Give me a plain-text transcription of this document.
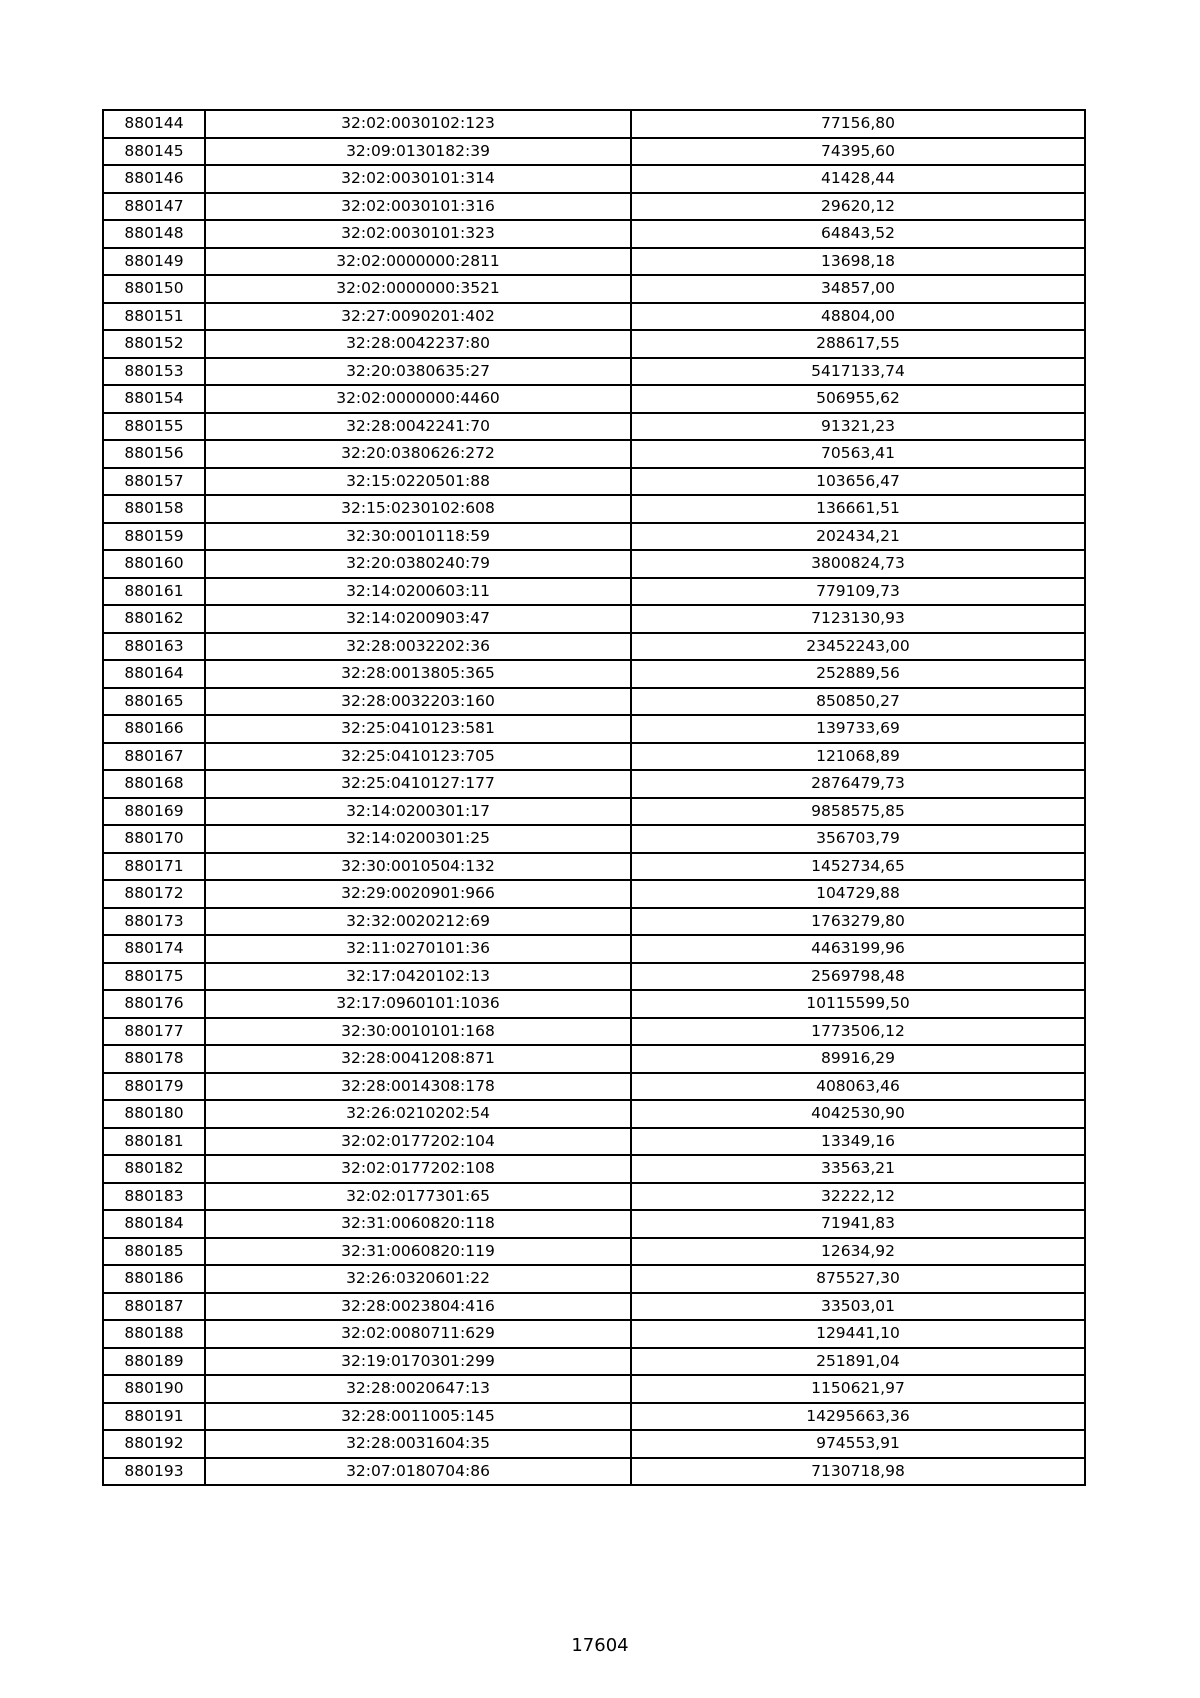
880144	32:02:0030102:123	77156,80
880145	32:09:0130182:39	74395,60
880146	32:02:0030101:314	41428,44
880147	32:02:0030101:316	29620,12
880148	32:02:0030101:323	64843,52
880149	32:02:0000000:2811	13698,18
880150	32:02:0000000:3521	34857,00
880151	32:27:0090201:402	48804,00
880152	32:28:0042237:80	288617,55
880153	32:20:0380635:27	5417133,74
880154	32:02:0000000:4460	506955,62
880155	32:28:0042241:70	91321,23
880156	32:20:0380626:272	70563,41
880157	32:15:0220501:88	103656,47
880158	32:15:0230102:608	136661,51
880159	32:30:0010118:59	202434,21
880160	32:20:0380240:79	3800824,73
880161	32:14:0200603:11	779109,73
880162	32:14:0200903:47	7123130,93
880163	32:28:0032202:36	23452243,00
880164	32:28:0013805:365	252889,56
880165	32:28:0032203:160	850850,27
880166	32:25:0410123:581	139733,69
880167	32:25:0410123:705	121068,89
880168	32:25:0410127:177	2876479,73
880169	32:14:0200301:17	9858575,85
880170	32:14:0200301:25	356703,79
880171	32:30:0010504:132	1452734,65
880172	32:29:0020901:966	104729,88
880173	32:32:0020212:69	1763279,80
880174	32:11:0270101:36	4463199,96
880175	32:17:0420102:13	2569798,48
880176	32:17:0960101:1036	10115599,50
880177	32:30:0010101:168	1773506,12
880178	32:28:0041208:871	89916,29
880179	32:28:0014308:178	408063,46
880180	32:26:0210202:54	4042530,90
880181	32:02:0177202:104	13349,16
880182	32:02:0177202:108	33563,21
880183	32:02:0177301:65	32222,12
880184	32:31:0060820:118	71941,83
880185	32:31:0060820:119	12634,92
880186	32:26:0320601:22	875527,30
880187	32:28:0023804:416	33503,01
880188	32:02:0080711:629	129441,10
880189	32:19:0170301:299	251891,04
880190	32:28:0020647:13	1150621,97
880191	32:28:0011005:145	14295663,36
880192	32:28:0031604:35	974553,91
880193	32:07:0180704:86	7130718,98
17604
